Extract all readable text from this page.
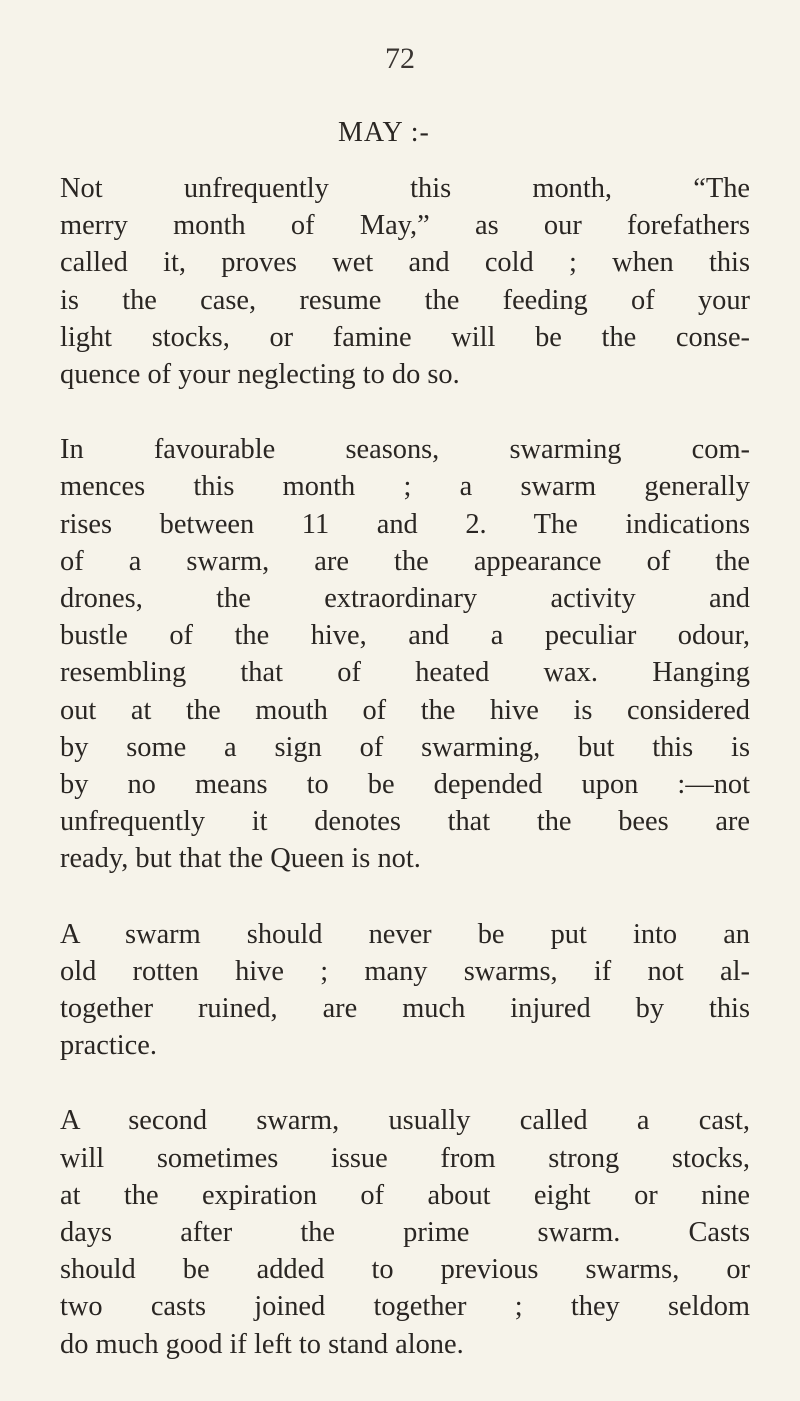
72
MAY :-

Not unfrequently this month, “The
merry month of May,” as our forefathers
called it, proves wet and cold ; when this
is the case, resume the feeding of your
light stocks, or famine will be the conse-
quence of your neglecting to do so.

In favourable seasons, swarming com-
mences this month ; a swarm generally
rises between 11 and 2. The indications
of a swarm, are the appearance of the
drones, the extraordinary activity and
bustle of the hive, and a peculiar odour,
resembling that of heated wax. Hanging
out at the mouth of the hive is considered
by some a sign of swarming, but this is
by no means to be depended upon :—not
unfrequently it denotes that the bees are
ready, but that the Queen is not.

A swarm should never be put into an
old rotten hive ; many swarms, if not al-
together ruined, are much injured by this
practice.

A second swarm, usually called a cast,
will sometimes issue from strong stocks,
at the expiration of about eight or nine
days after the prime swarm. Casts
should be added to previous swarms, or
two casts joined together ; they seldom
do much good if left to stand alone.
